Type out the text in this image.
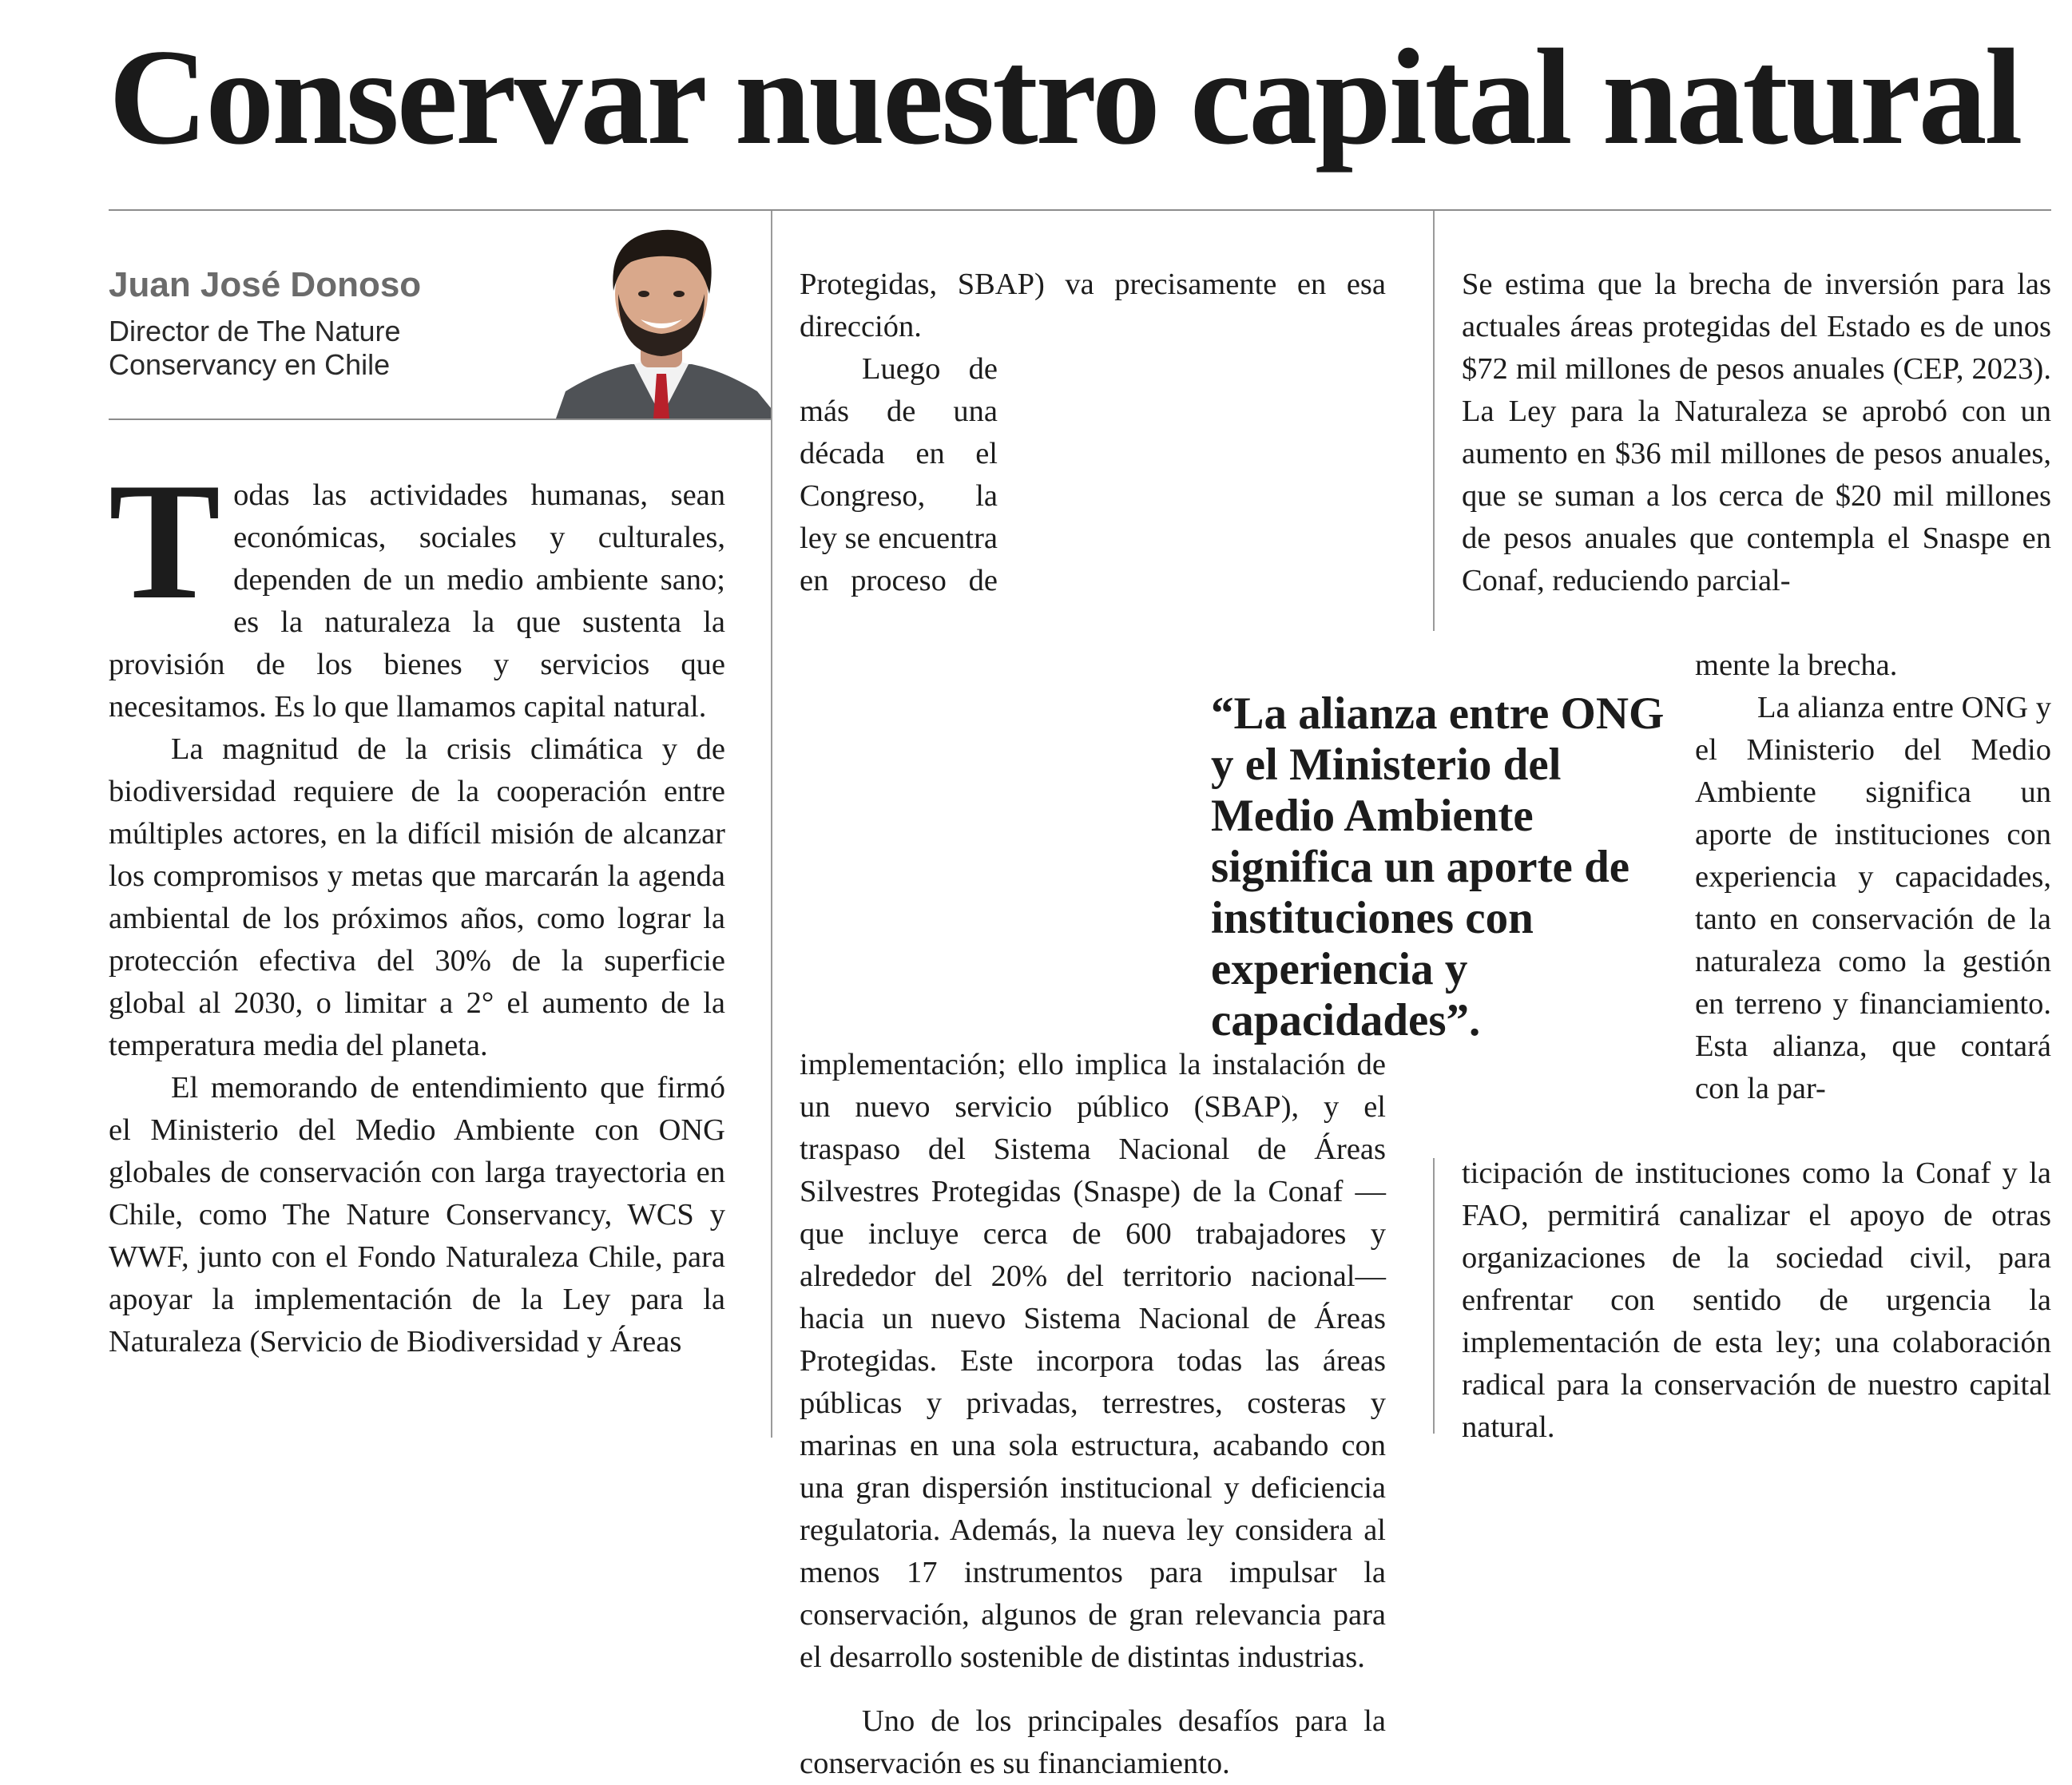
Conservar nuestro capital natural
Juan José Donoso
Director de The Nature Conservancy en Chile

Todas las actividades humanas, sean económicas, sociales y culturales, dependen de un medio ambiente sano; es la naturaleza la que sustenta la provisión de los bienes y servicios que necesitamos. Es lo que llamamos capital natural.

La magnitud de la crisis climática y de biodiversidad requiere de la cooperación entre múltiples actores, en la difícil misión de alcanzar los compromisos y metas que marcarán la agenda ambiental de los próximos años, como lograr la protección efectiva del 30% de la superficie global al 2030, o limitar a 2° el aumento de la temperatura media del planeta.

El memorando de entendimiento que firmó el Ministerio del Medio Ambiente con ONG globales de conservación con larga trayectoria en Chile, como The Nature Conservancy, WCS y WWF, junto con el Fondo Naturaleza Chile, para apoyar la implementación de la Ley para la Naturaleza (Servicio de Biodiversidad y Áreas

Protegidas, SBAP) va precisamente en esa dirección.

Luego de más de una década en el Congreso, la ley se encuentra en proceso de implementación; ello implica la instalación de un nuevo servicio público (SBAP), y el traspaso del Sistema Nacional de Áreas Silvestres Protegidas (Snaspe) de la Conaf —que incluye cerca de 600 trabajadores y alrededor del 20% del territorio nacional— hacia un nuevo Sistema Nacional de Áreas Protegidas. Este incorpora todas las áreas públicas y privadas, terrestres, costeras y marinas en una sola estructura, acabando con una gran dispersión institucional y deficiencia regulatoria. Además, la nueva ley considera al menos 17 instrumentos para impulsar la conservación, algunos de gran relevancia para el desarrollo sostenible de distintas industrias.

Uno de los principales desafíos para la conservación es su financiamiento.

“La alianza entre ONG y el Ministerio del Medio Ambiente significa un aporte de instituciones con experiencia y capacidades”.

Se estima que la brecha de inversión para las actuales áreas protegidas del Estado es de unos $72 mil millones de pesos anuales (CEP, 2023). La Ley para la Naturaleza se aprobó con un aumento en $36 mil millones de pesos anuales, que se suman a los cerca de $20 mil millones de pesos anuales que contempla el Snaspe en Conaf, reduciendo parcial-

mente la brecha.

La alianza entre ONG y el Ministerio del Medio Ambiente significa un aporte de instituciones con experiencia y capacidades, tanto en conservación de la naturaleza como la gestión en terreno y financiamiento. Esta alianza, que contará con la par-

ticipación de instituciones como la Conaf y la FAO, permitirá canalizar el apoyo de otras organizaciones de la sociedad civil, para enfrentar con sentido de urgencia la implementación de esta ley; una colaboración radical para la conservación de nuestro capital natural.
